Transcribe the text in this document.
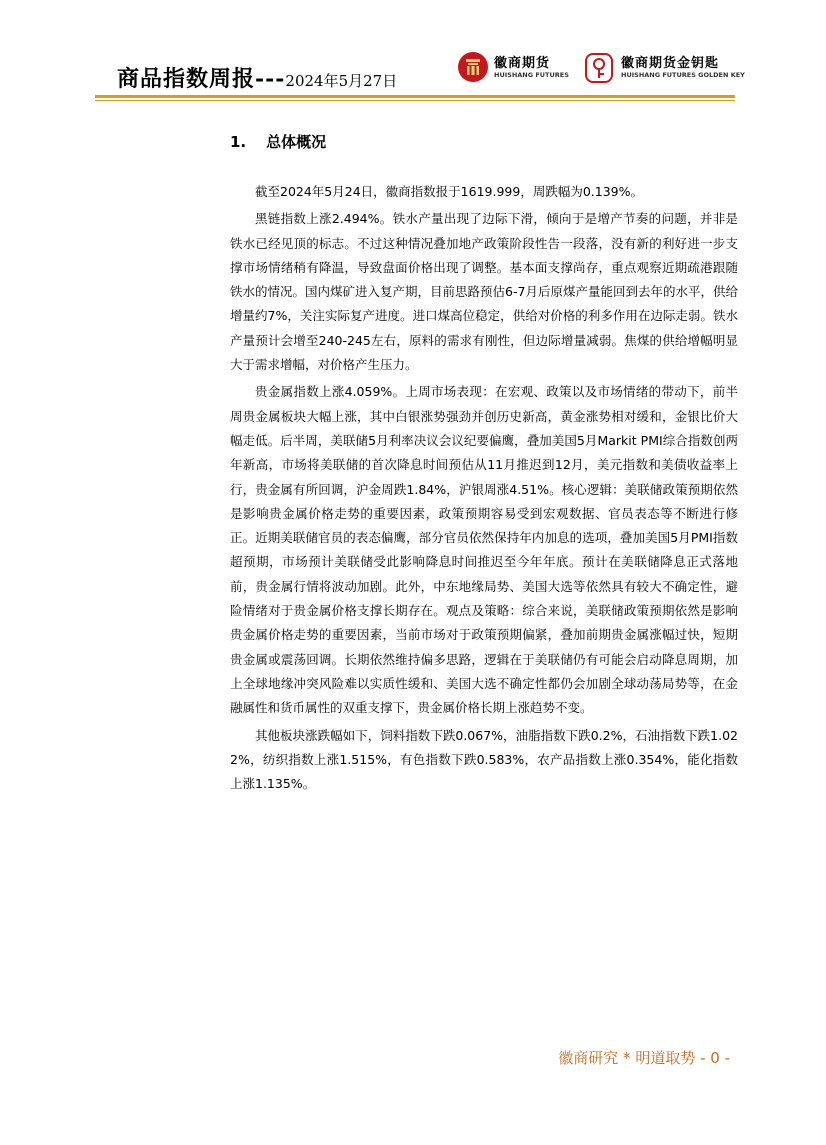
商品指数周报---2024年5月27日
徽商期货
HUISHANG FUTURES
徽商期货金钥匙
HUISHANG FUTURES GOLDEN KEY
1. 总体概况

截至2024年5月24日，徽商指数报于1619.999，周跌幅为0.139%。

黑链指数上涨2.494%。铁水产量出现了边际下滑，倾向于是增产节奏的问题，并非是铁水已经见顶的标志。不过这种情况叠加地产政策阶段性告一段落，没有新的利好进一步支撑市场情绪稍有降温，导致盘面价格出现了调整。基本面支撑尚存，重点观察近期疏港跟随铁水的情况。国内煤矿进入复产期，目前思路预估6-7月后原煤产量能回到去年的水平，供给增量约7%，关注实际复产进度。进口煤高位稳定，供给对价格的利多作用在边际走弱。铁水产量预计会增至240-245左右，原料的需求有刚性，但边际增量减弱。焦煤的供给增幅明显大于需求增幅，对价格产生压力。

贵金属指数上涨4.059%。上周市场表现：在宏观、政策以及市场情绪的带动下，前半周贵金属板块大幅上涨，其中白银涨势强劲并创历史新高，黄金涨势相对缓和，金银比价大幅走低。后半周，美联储5月利率决议会议纪要偏鹰，叠加美国5月Markit PMI综合指数创两年新高，市场将美联储的首次降息时间预估从11月推迟到12月，美元指数和美债收益率上行，贵金属有所回调，沪金周跌1.84%，沪银周涨4.51%。核心逻辑：美联储政策预期依然是影响贵金属价格走势的重要因素，政策预期容易受到宏观数据、官员表态等不断进行修正。近期美联储官员的表态偏鹰，部分官员依然保持年内加息的选项，叠加美国5月PMI指数超预期，市场预计美联储受此影响降息时间推迟至今年年底。预计在美联储降息正式落地前，贵金属行情将波动加剧。此外，中东地缘局势、美国大选等依然具有较大不确定性，避险情绪对于贵金属价格支撑长期存在。观点及策略：综合来说，美联储政策预期依然是影响贵金属价格走势的重要因素，当前市场对于政策预期偏紧，叠加前期贵金属涨幅过快，短期贵金属或震荡回调。长期依然维持偏多思路，逻辑在于美联储仍有可能会启动降息周期，加上全球地缘冲突风险难以实质性缓和、美国大选不确定性都仍会加剧全球动荡局势等，在金融属性和货币属性的双重支撑下，贵金属价格长期上涨趋势不变。

其他板块涨跌幅如下，饲料指数下跌0.067%，油脂指数下跌0.2%，石油指数下跌1.022%，纺织指数上涨1.515%，有色指数下跌0.583%，农产品指数上涨0.354%，能化指数上涨1.135%。

徽商研究 * 明道取势 - 0 -
